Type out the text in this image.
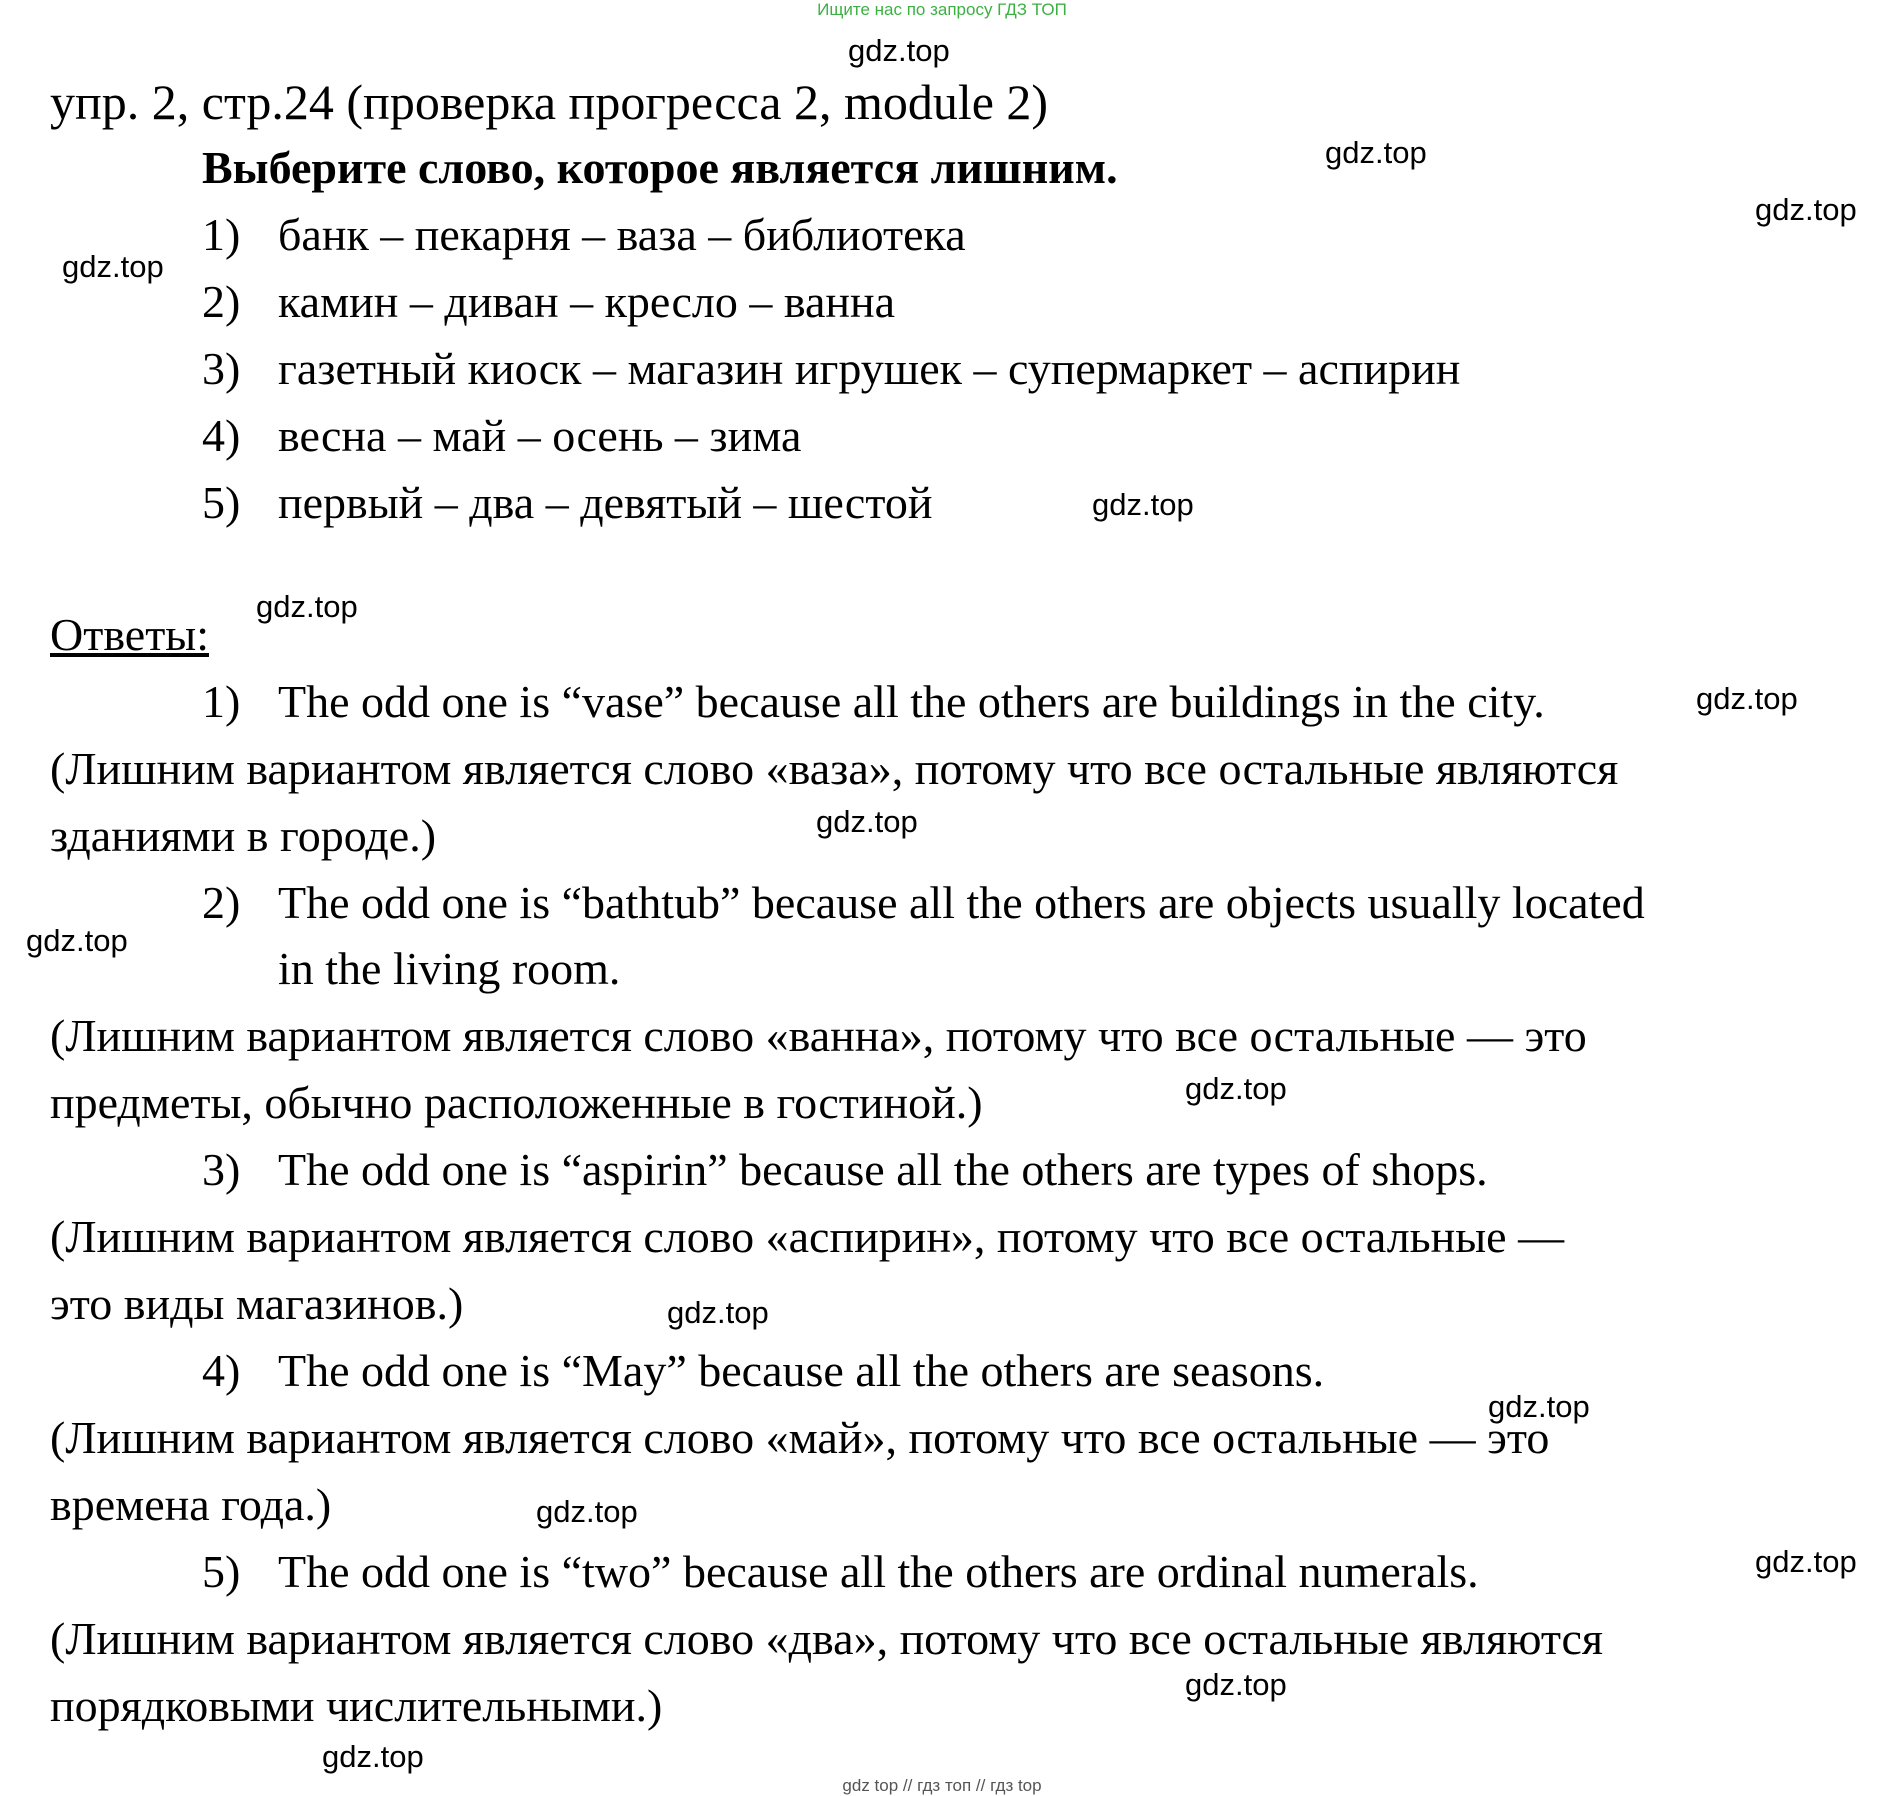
Ищите нас по запросу ГДЗ ТОП
упр. 2, стр.24 (проверка прогресса 2, module 2)
Выберите слово, которое является лишним.
1) банк – пекарня – ваза – библиотека
2) камин – диван – кресло – ванна
3) газетный киоск – магазин игрушек – супермаркет – аспирин
4) весна – май – осень – зима
5) первый – два – девятый – шестой
Ответы:
1) The odd one is “vase” because all the others are buildings in the city.
(Лишним вариантом является слово «ваза», потому что все остальные являются
зданиями в городе.)
2) The odd one is “bathtub” because all the others are objects usually located
in the living room.
(Лишним вариантом является слово «ванна», потому что все остальные — это
предметы, обычно расположенные в гостиной.)
3) The odd one is “aspirin” because all the others are types of shops.
(Лишним вариантом является слово «аспирин», потому что все остальные —
это виды магазинов.)
4) The odd one is “May” because all the others are seasons.
(Лишним вариантом является слово «май», потому что все остальные — это
времена года.)
5) The odd one is “two” because all the others are ordinal numerals.
(Лишним вариантом является слово «два», потому что все остальные являются
порядковыми числительными.)
gdz.top
gdz.top
gdz.top
gdz.top
gdz.top
gdz.top
gdz.top
gdz.top
gdz.top
gdz.top
gdz.top
gdz.top
gdz.top
gdz.top
gdz.top
gdz.top
gdz top // гдз топ // гдз top
